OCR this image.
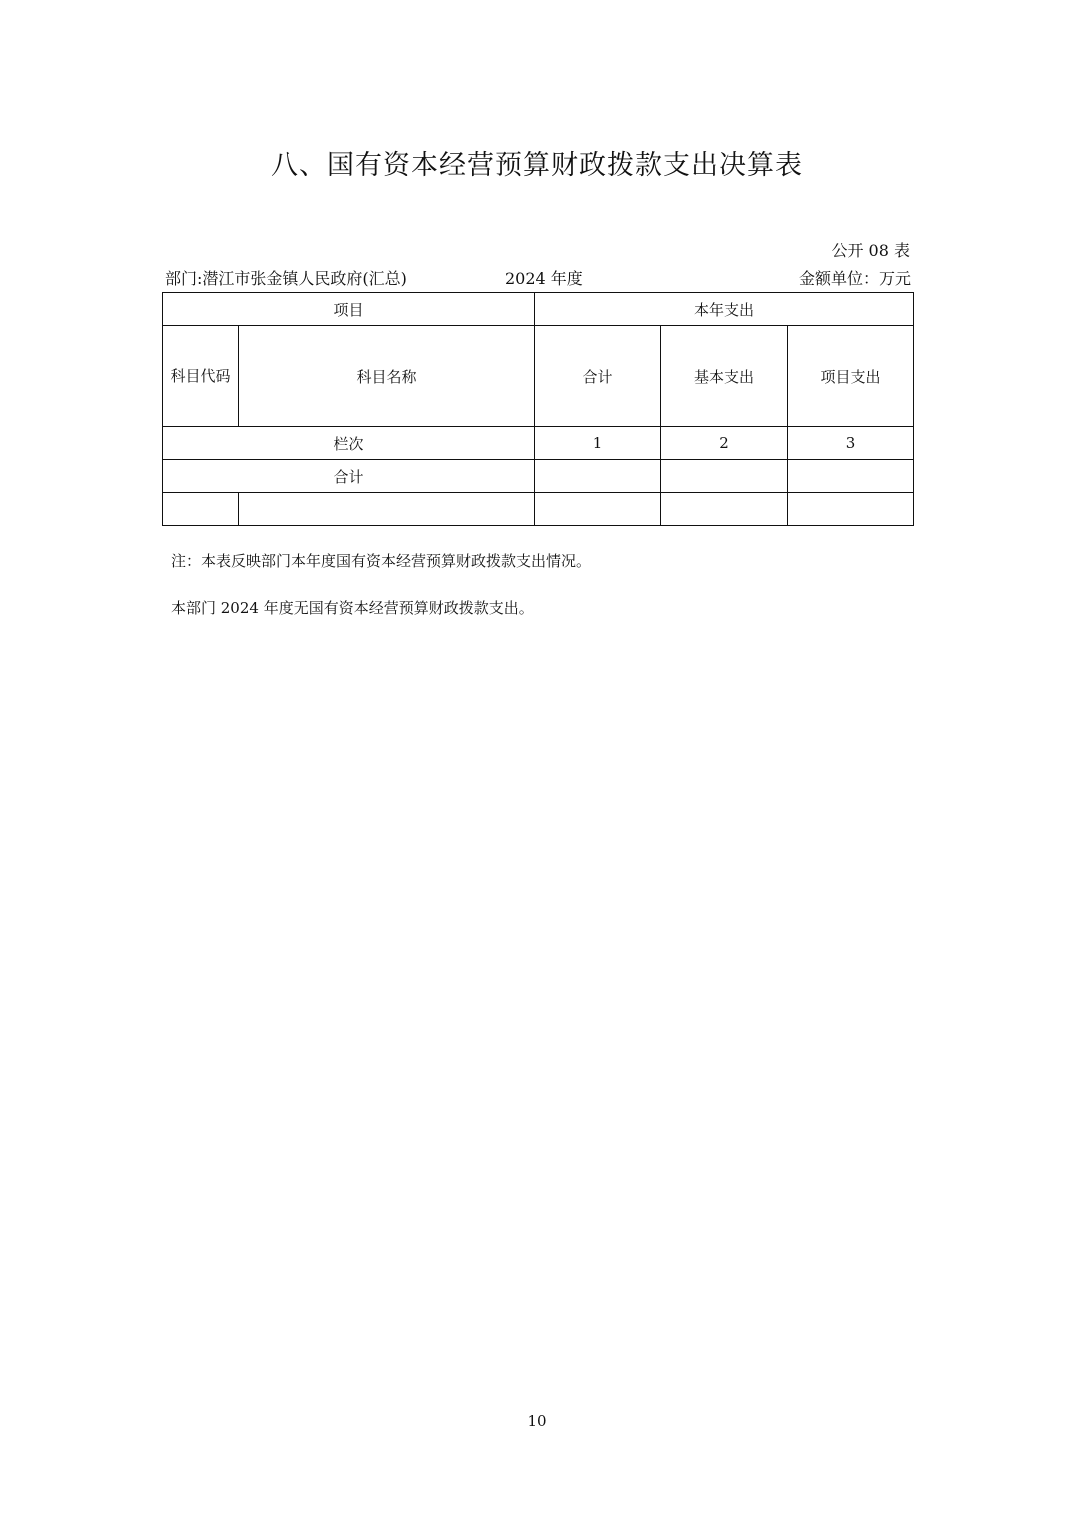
八、国有资本经营预算财政拨款支出决算表
公开 08 表
部门:潜江市张金镇人民政府(汇总)	2024 年度	金额单位：万元
项目		本年支出		
科目代码	科目名称	合计	基本支出	项目支出
栏次		1	2	3
合计				

注：本表反映部门本年度国有资本经营预算财政拨款支出情况。
本部门 2024 年度无国有资本经营预算财政拨款支出。
10
